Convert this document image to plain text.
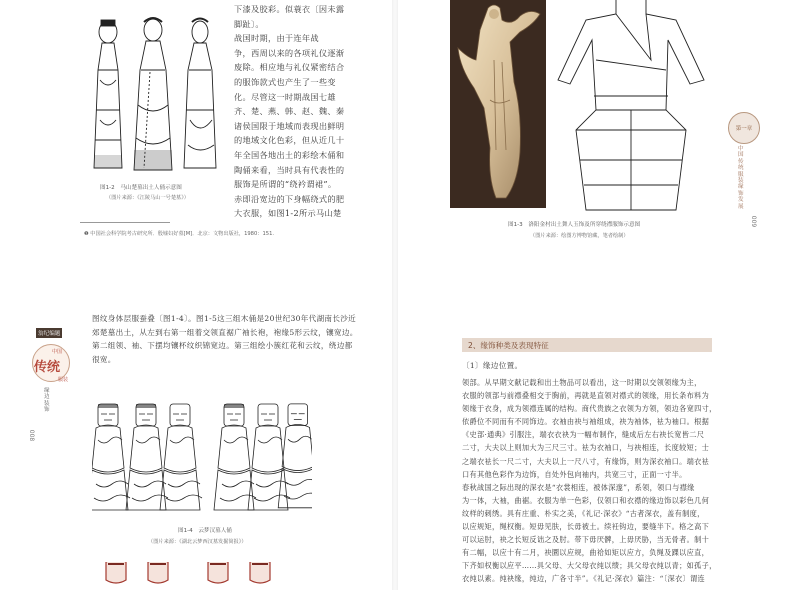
图1-2　马山楚墓出土人俑示意图
（图片来源：《江陵马山一号楚墓》）

下漆及胶彩。似蓑衣〔因未露

脚趾〕。

战国时期，由于连年战

争，西周以来的各项礼仪逐渐

废除。相应地与礼仪紧密结合

的服饰款式也产生了一些变

化。尽管这一时期战国七雄

齐、楚、燕、韩、赵、魏、秦

诸侯国限于地域而表现出鲜明

的地域文化色彩，但从近几十

年全国各地出土的彩绘木俑和

陶俑来看，当时具有代表性的

服饰是所谓的“绕衿谓裙”。

赤即沿宽边的下身幅绕式的肥

大衣服，如图1-2所示马山楚

❶ 中国社会科学院考古研究所．殷墟妇好墓[M]．北京：文物出版社，1980：151.
图1-3　洛阳金村出土舞人玉饰及所穿绕襟服饰示意图
（图片来源：绘图方博物馆藏，笔者绘制）
第一章
中国传统服装缘饰发展
009
翁纪编题
中国
传统
服装
缘边装饰
008

图纹身体层服蚕叠〔图1-4〕。图1-5这三组木俑是20世纪30年代湖南长沙近

郊楚墓出土，从左到右第一组着交领直裾广袖长袍，袍缘5形云纹，镶宽边。

第二组领、袖、下摆均镶杯纹织锦宽边。第三组绘小簇红花和云纹，绕边都

很宽。

图1-4　云梦汉墓人俑
（图片来源：《湖北云梦西汉墓发掘简报》）
2、缘饰种类及表现特征
〔1〕缘边位置。

领部。从早期文献记载和出土物品可以看出，这一时期以交领领缘为主，

衣服的领部与前襟叠相交于胸前，再就是直领对襟式的领缘，用长条布料为

领缘于衣身，成为领襟连属的结构。商代贵族之衣领为方领，领边各宽四寸，

依爵位不同而有不同饰边。衣袖由袂与袖组成，袂为袖体，袪为袖口。根据

《史部·通典》引服注，端衣衣袂为一幅布制作，缝成后左右袂长宽皆二尺

二寸，大夫以上则加大为三尺三寸。袪为衣袖口，与袂相连，长度较短；士

之端衣袪长一尺二寸，大夫以上一尺八寸，有缘饰，则为深衣袖口。端衣袪

口有其他色彩作为边饰，自处外包向袖内，共宽三寸，正面一寸半。

春秋战国之际出现的深衣是“衣裳相连，被体深邃”，系领，领口与襟缘

为一体，大袖，曲裾。衣服为单一色彩，仅领口和衣襟的缘边饰以彩色几何

纹样的刺绣。具有庄重、朴实之美，《礼记·深衣》“古者深衣，盖有制度，

以应规矩，绳权衡。短毋见肤，长毋被土。续衽钩边，要缝半下。格之高下

可以运肘，袂之长短反诎之及肘。带下毋厌髀，上毋厌胁，当无骨者。制十

有二幅，以应十有二月，袂圜以应规，曲袷如矩以应方，负绳及踝以应直，

下齐如权衡以应平……具父母、大父母衣纯以缋；具父母衣纯以青；如孤子，

衣纯以素。纯袂缘，纯边，广各寸半”。《礼记·深衣》篇注：“〔深衣〕谓连
